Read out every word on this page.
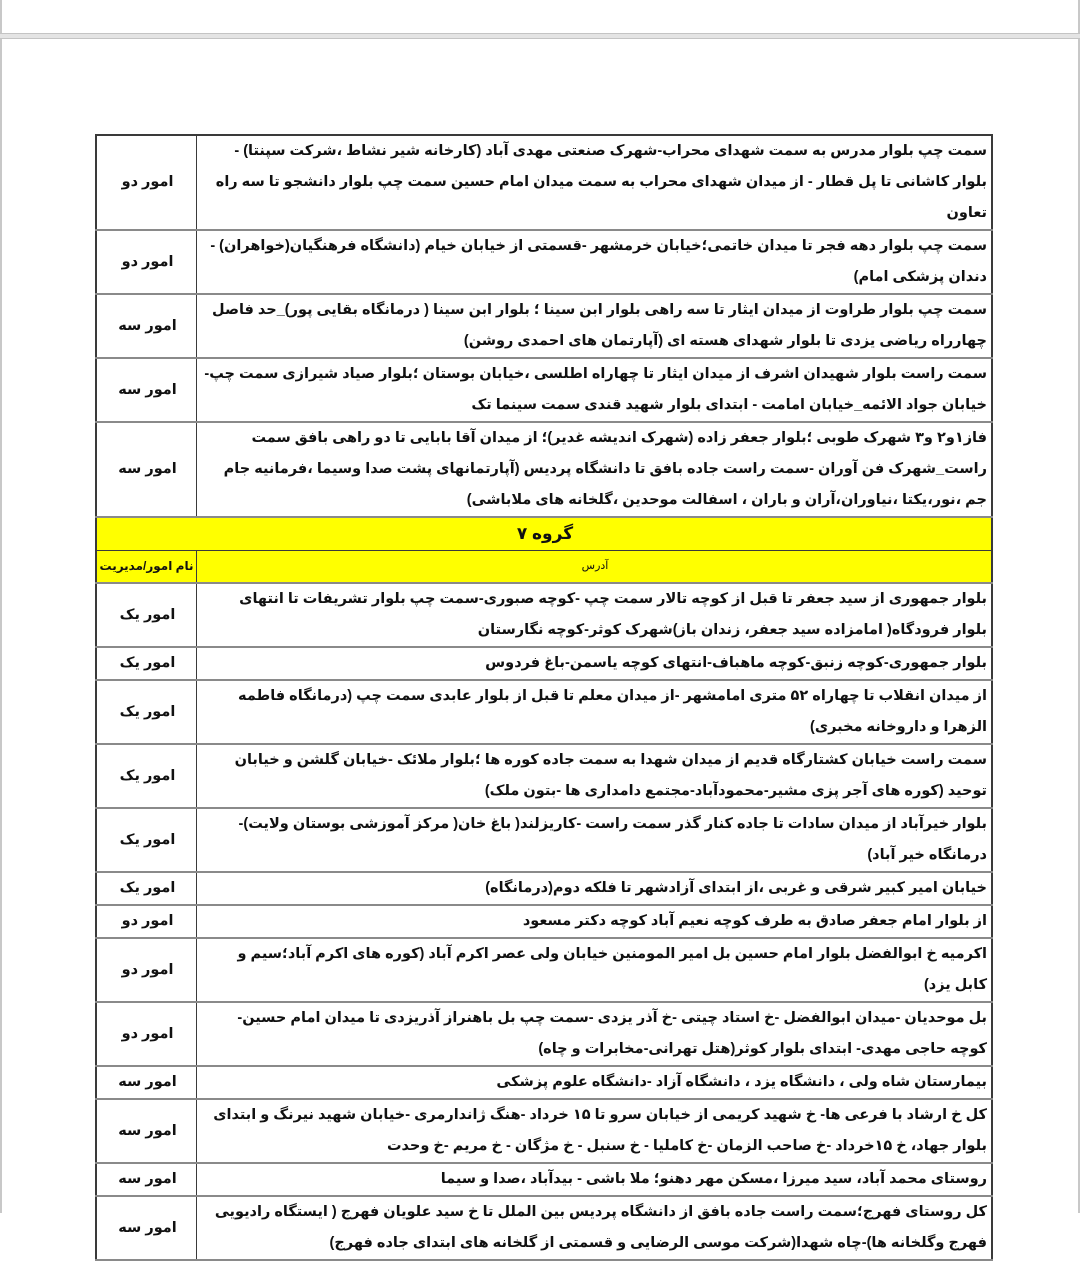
سمت چپ بلوار مدرس به سمت شهدای محراب-شهرک صنعتی مهدی آباد (کارخانه شیر نشاط ،شرکت سپنتا) - بلوار کاشانی تا پل قطار - از میدان شهدای محراب به سمت میدان امام حسین سمت چپ بلوار دانشجو تا سه راه تعاون	امور دو
سمت چپ بلوار دهه فجر تا میدان خاتمی؛خیابان خرمشهر -قسمتی از خیابان خیام (دانشگاه فرهنگیان(خواهران) - دندان پزشکی امام)	امور دو
سمت چپ بلوار طراوت از میدان ایثار تا سه راهی بلوار ابن سینا ؛ بلوار ابن سینا ( درمانگاه بقایی پور)_حد فاصل چهارراه ریاضی یزدی تا بلوار شهدای هسته ای (آپارتمان های احمدی روشن)	امور سه
سمت راست بلوار شهیدان اشرف از میدان ایثار تا چهاراه اطلسی ،خیابان بوستان ؛بلوار صیاد شیرازی سمت چپ-خیابان جواد الائمه_خیابان امامت - ابتدای بلوار شهید قندی سمت سینما تک	امور سه
فاز۱و۲ و۳ شهرک طوبی ؛بلوار جعفر زاده (شهرک اندیشه غدیر)؛ از میدان آقا بابایی تا دو راهی بافق سمت راست_شهرک فن آوران -سمت راست جاده بافق تا دانشگاه پردیس (آپارتمانهای پشت صدا وسیما ،فرمانیه جام جم ،نور،یکتا ،نیاوران،آران و باران ، اسفالت موحدین ،گلخانه های ملاباشی)	امور سه
گروه ۷	
آدرس	نام امور/مدیریت
بلوار جمهوری از سید جعفر تا قبل از کوچه تالار سمت چپ -کوچه صبوری-سمت چپ بلوار تشریفات تا انتهای بلوار فرودگاه( امامزاده سید جعفر، زندان باز)شهرک کوثر-کوچه نگارستان	امور یک
بلوار جمهوری-کوچه زنبق-کوچه ماهباف-انتهای کوچه یاسمن-باغ فردوس	امور یک
از میدان انقلاب تا چهاراه ۵۲ متری امامشهر -از میدان معلم تا قبل از بلوار عابدی سمت چپ (درمانگاه فاطمه الزهرا و داروخانه مخبری)	امور یک
سمت راست خیابان کشتارگاه قدیم از میدان شهدا به سمت جاده کوره ها ؛بلوار ملائک -خیابان گلشن و خیابان توحید (کوره های آجر پزی مشیر-محمودآباد-مجتمع دامداری ها -بتون ملک)	امور یک
بلوار خیرآباد از میدان سادات تا جاده کنار گذر سمت راست -کاریزلند( باغ خان( مرکز آموزشی بوستان ولایت)-درمانگاه خیر آباد)	امور یک
خیابان امیر کبیر شرقی و غربی ،از ابتدای آزادشهر تا فلکه دوم(درمانگاه)	امور یک
از بلوار امام جعفر صادق به طرف کوچه نعیم آباد کوچه دکتر مسعود	امور دو
اکرمیه خ ابوالفضل بلوار امام حسین بل امیر المومنین خیابان ولی عصر اکرم آباد (کوره های اکرم آباد؛سیم و کابل یزد)	امور دو
بل موحدیان -میدان ابوالفضل -خ استاد چیتی -خ آذر یزدی -سمت چپ بل باهنراز آذریزدی تا میدان امام حسین- کوچه حاجی مهدی- ابتدای بلوار کوثر(هتل تهرانی-مخابرات و چاه)	امور دو
بیمارستان شاه ولی ، دانشگاه یزد ، دانشگاه آزاد -دانشگاه علوم پزشکی	امور سه
کل خ ارشاد با فرعی ها- خ شهید کریمی از خیابان سرو تا ۱۵ خرداد -هنگ ژاندارمری -خیابان شهید نیرنگ و ابتدای بلوار جهاد، خ ۱۵خرداد -خ صاحب الزمان -خ کاملیا - خ سنبل - خ مژگان - خ مریم -خ وحدت	امور سه
روستای محمد آباد، سید میرزا ،مسکن مهر دهنو؛ ملا باشی - بیدآباد ،صدا و سیما	امور سه
کل روستای فهرج؛سمت راست جاده بافق از دانشگاه پردیس بین الملل تا خ سید علویان فهرج ( ایستگاه رادیویی فهرج وگلخانه ها)-چاه شهدا(شرکت موسی الرضایی و قسمتی از گلخانه های ابتدای جاده فهرج)	امور سه
